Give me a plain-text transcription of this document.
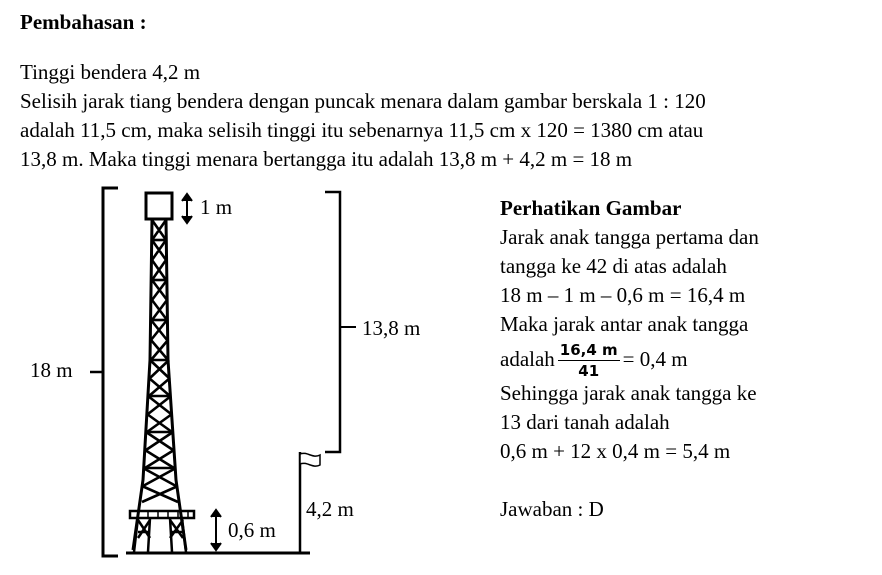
Pembahasan :
Tinggi bendera 4,2 m
Selisih jarak tiang bendera dengan puncak menara dalam gambar berskala 1 : 120
adalah 11,5 cm, maka selisih tinggi itu sebenarnya 11,5 cm x 120 = 1380 cm atau
13,8 m. Maka tinggi menara bertangga itu adalah 13,8 m + 4,2 m = 18 m
18 m
1 m
13,8 m
4,2 m
0,6 m
Perhatikan Gambar
Jarak anak tangga pertama dan
tangga ke 42 di atas adalah
18 m – 1 m – 0,6 m = 16,4 m
Maka jarak antar anak tangga
adalah $\frac{16,4 m}{41} = 0,4$ m
Sehingga jarak anak tangga ke
13 dari tanah adalah
0,6 m + 12 x 0,4 m = 5,4 m
Jawaban : D
